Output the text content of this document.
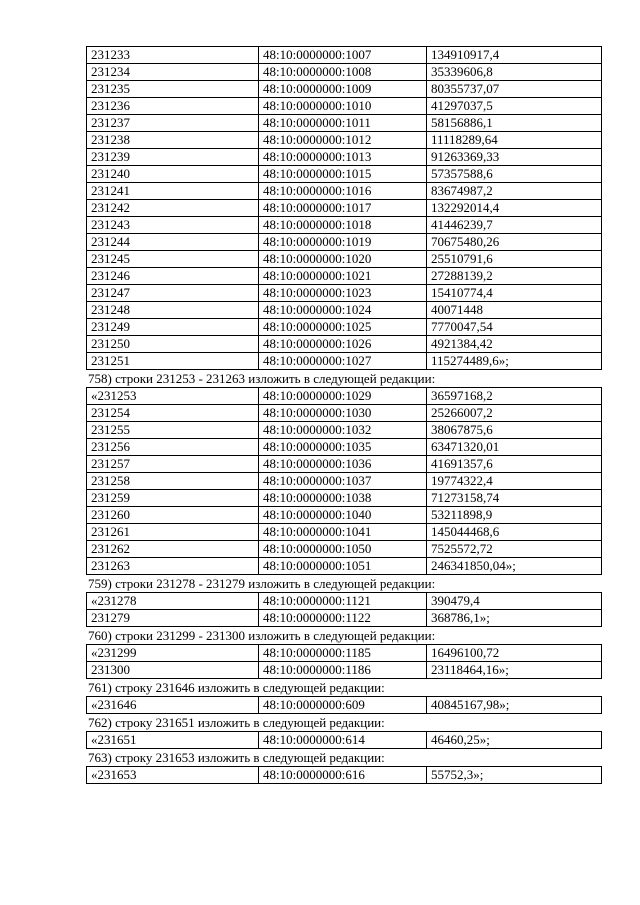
231233	48:10:0000000:1007	134910917,4
231234	48:10:0000000:1008	35339606,8
231235	48:10:0000000:1009	80355737,07
231236	48:10:0000000:1010	41297037,5
231237	48:10:0000000:1011	58156886,1
231238	48:10:0000000:1012	11118289,64
231239	48:10:0000000:1013	91263369,33
231240	48:10:0000000:1015	57357588,6
231241	48:10:0000000:1016	83674987,2
231242	48:10:0000000:1017	132292014,4
231243	48:10:0000000:1018	41446239,7
231244	48:10:0000000:1019	70675480,26
231245	48:10:0000000:1020	25510791,6
231246	48:10:0000000:1021	27288139,2
231247	48:10:0000000:1023	15410774,4
231248	48:10:0000000:1024	40071448
231249	48:10:0000000:1025	7770047,54
231250	48:10:0000000:1026	4921384,42
231251	48:10:0000000:1027	115274489,6»;
758) строки 231253 - 231263 изложить в следующей редакции:
«231253	48:10:0000000:1029	36597168,2
231254	48:10:0000000:1030	25266007,2
231255	48:10:0000000:1032	38067875,6
231256	48:10:0000000:1035	63471320,01
231257	48:10:0000000:1036	41691357,6
231258	48:10:0000000:1037	19774322,4
231259	48:10:0000000:1038	71273158,74
231260	48:10:0000000:1040	53211898,9
231261	48:10:0000000:1041	145044468,6
231262	48:10:0000000:1050	7525572,72
231263	48:10:0000000:1051	246341850,04»;
759) строки 231278 - 231279 изложить в следующей редакции:
«231278	48:10:0000000:1121	390479,4
231279	48:10:0000000:1122	368786,1»;
760) строки 231299 - 231300 изложить в следующей редакции:
«231299	48:10:0000000:1185	16496100,72
231300	48:10:0000000:1186	23118464,16»;
761) строку 231646 изложить в следующей редакции:
«231646	48:10:0000000:609	40845167,98»;
762) строку 231651 изложить в следующей редакции:
«231651	48:10:0000000:614	46460,25»;
763) строку 231653 изложить в следующей редакции:
«231653	48:10:0000000:616	55752,3»;
